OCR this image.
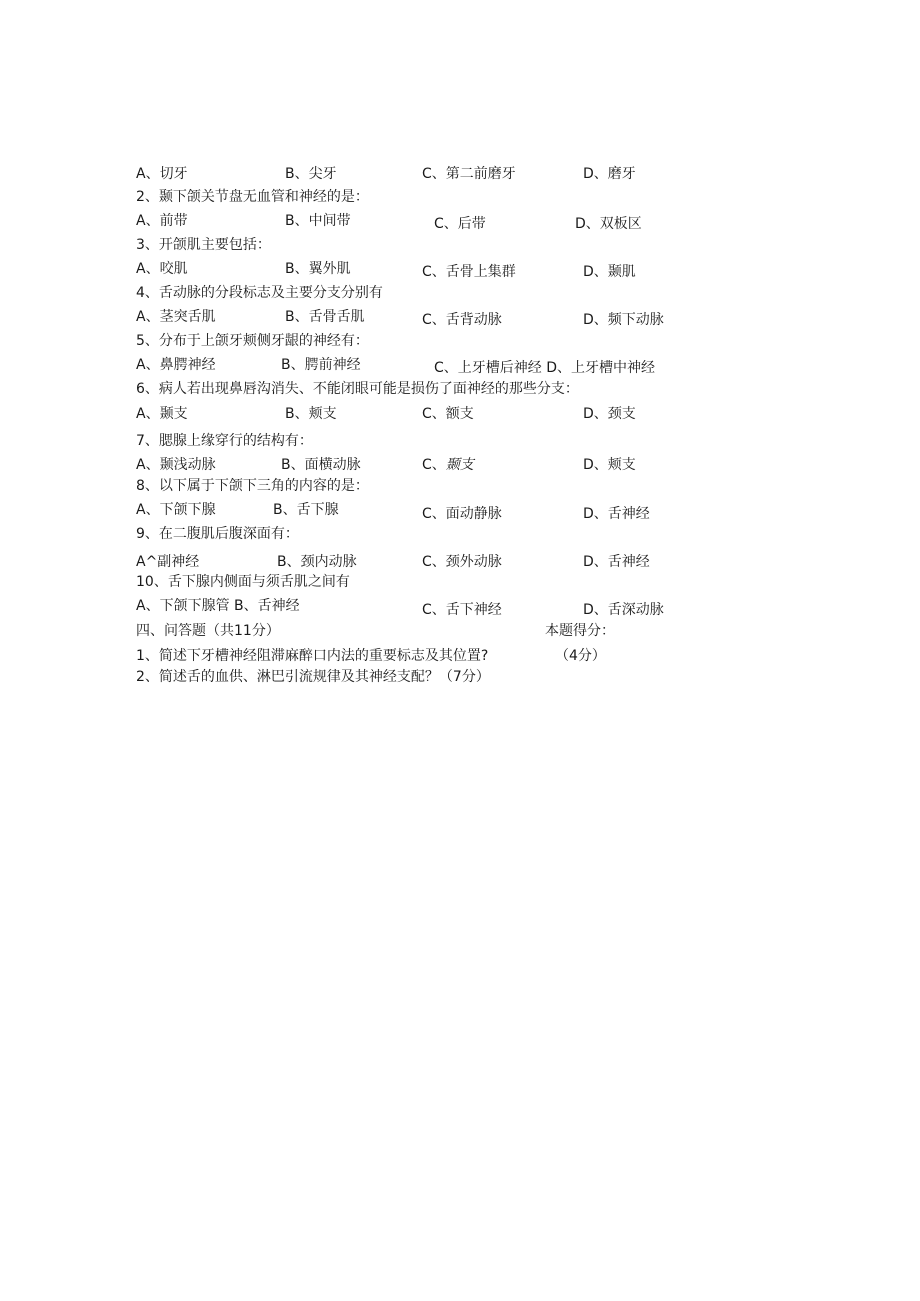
A、切牙	B、尖牙	C、第二前磨牙	D、磨牙
2、颞下颌关节盘无血管和神经的是：
A、前带	B、中间带	C、后带	D、双板区
3、开颌肌主要包括：
A、咬肌	B、翼外肌	C、舌骨上集群	D、颞肌
4、舌动脉的分段标志及主要分支分别有
A、茎突舌肌	B、舌骨舌肌	C、舌背动脉	D、频下动脉
5、分布于上颌牙颊侧牙龈的神经有：
A、鼻腭神经	B、腭前神经	C、上牙槽后神经 D、上牙槽中神经
6、病人若出现鼻唇沟消失、不能闭眼可能是损伤了面神经的那些分支：
A、颞支	B、颊支	C、额支	D、颈支
7、腮腺上缘穿行的结构有：
A、颞浅动脉	B、面横动脉	C、颞支	D、颊支
8、以下属于下颌下三角的内容的是：
A、下颌下腺	B、舌下腺	C、面动静脉	D、舌神经
9、在二腹肌后腹深面有：
A^副神经	B、颈内动脉	C、颈外动脉	D、舌神经
10、舌下腺内侧面与须舌肌之间有
A、下颌下腺管 B、舌神经	C、舌下神经	D、舌深动脉
四、问答题（共11分）	本题得分：
1、简述下牙槽神经阻滞麻醉口内法的重要标志及其位置?	（4分）
2、简述舌的血供、淋巴引流规律及其神经支配？（7分）
